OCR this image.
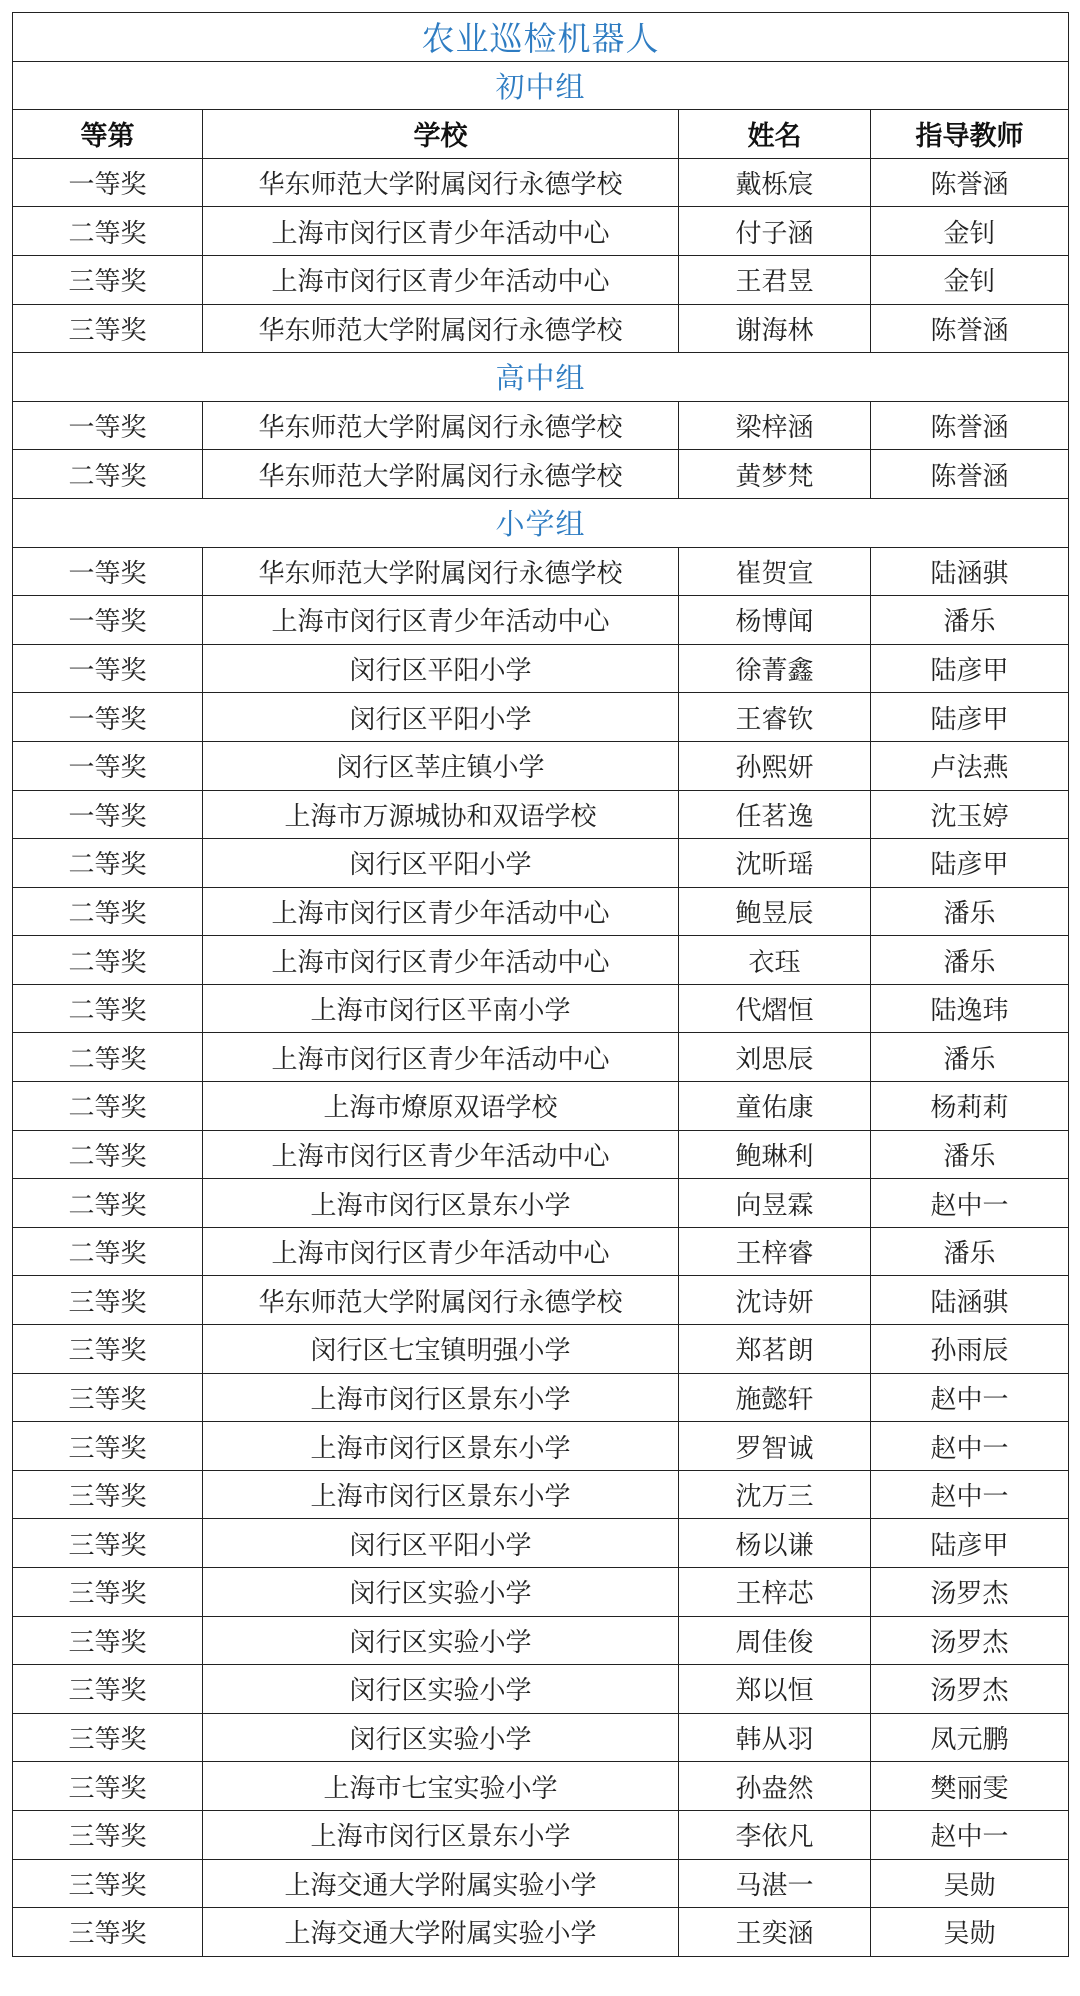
农业巡检机器人			
初中组			
等第	学校	姓名	指导教师
一等奖	华东师范大学附属闵行永德学校	戴栎宸	陈誉涵
二等奖	上海市闵行区青少年活动中心	付子涵	金钊
三等奖	上海市闵行区青少年活动中心	王君昱	金钊
三等奖	华东师范大学附属闵行永德学校	谢海林	陈誉涵
高中组			
一等奖	华东师范大学附属闵行永德学校	梁梓涵	陈誉涵
二等奖	华东师范大学附属闵行永德学校	黄梦梵	陈誉涵
小学组			
一等奖	华东师范大学附属闵行永德学校	崔贺宣	陆涵骐
一等奖	上海市闵行区青少年活动中心	杨博闻	潘乐
一等奖	闵行区平阳小学	徐菁鑫	陆彦甲
一等奖	闵行区平阳小学	王睿钦	陆彦甲
一等奖	闵行区莘庄镇小学	孙熙妍	卢法燕
一等奖	上海市万源城协和双语学校	任茗逸	沈玉婷
二等奖	闵行区平阳小学	沈昕瑶	陆彦甲
二等奖	上海市闵行区青少年活动中心	鲍昱辰	潘乐
二等奖	上海市闵行区青少年活动中心	衣珏	潘乐
二等奖	上海市闵行区平南小学	代熠恒	陆逸玮
二等奖	上海市闵行区青少年活动中心	刘思辰	潘乐
二等奖	上海市燎原双语学校	童佑康	杨莉莉
二等奖	上海市闵行区青少年活动中心	鲍琳利	潘乐
二等奖	上海市闵行区景东小学	向昱霖	赵中一
二等奖	上海市闵行区青少年活动中心	王梓睿	潘乐
三等奖	华东师范大学附属闵行永德学校	沈诗妍	陆涵骐
三等奖	闵行区七宝镇明强小学	郑茗朗	孙雨辰
三等奖	上海市闵行区景东小学	施懿轩	赵中一
三等奖	上海市闵行区景东小学	罗智诚	赵中一
三等奖	上海市闵行区景东小学	沈万三	赵中一
三等奖	闵行区平阳小学	杨以谦	陆彦甲
三等奖	闵行区实验小学	王梓芯	汤罗杰
三等奖	闵行区实验小学	周佳俊	汤罗杰
三等奖	闵行区实验小学	郑以恒	汤罗杰
三等奖	闵行区实验小学	韩从羽	凤元鹏
三等奖	上海市七宝实验小学	孙盎然	樊丽雯
三等奖	上海市闵行区景东小学	李依凡	赵中一
三等奖	上海交通大学附属实验小学	马湛一	吴勋
三等奖	上海交通大学附属实验小学	王奕涵	吴勋
